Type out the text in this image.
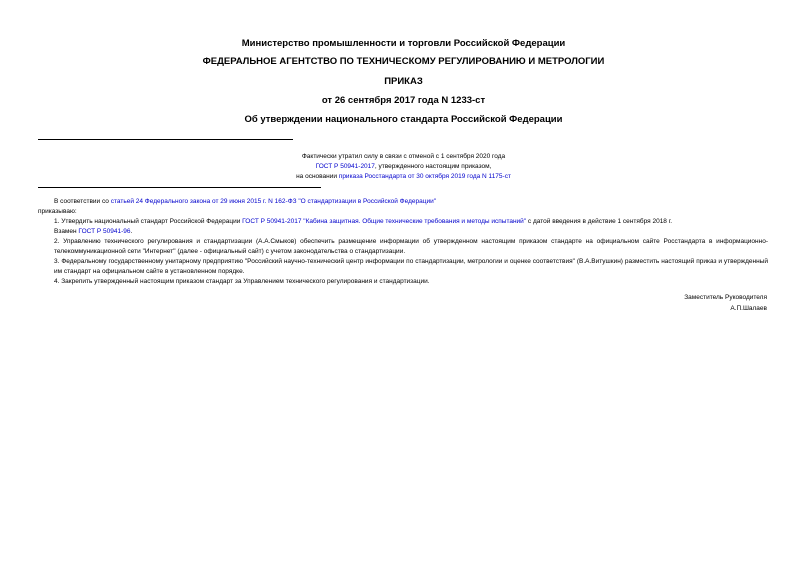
Министерство промышленности и торговли Российской Федерации
ФЕДЕРАЛЬНОЕ АГЕНТСТВО ПО ТЕХНИЧЕСКОМУ РЕГУЛИРОВАНИЮ И МЕТРОЛОГИИ
ПРИКАЗ
от 26 сентября 2017 года N 1233-ст
Об утверждении национального стандарта Российской Федерации
Фактически утратил силу в связи с отменой с 1 сентября 2020 года
ГОСТ Р 50941-2017, утвержденного настоящим приказом,
на основании приказа Росстандарта от 30 октября 2019 года N 1175-ст
В соответствии со статьей 24 Федерального закона от 29 июня 2015 г. N 162-ФЗ "О стандартизации в Российской Федерации"
приказываю:
1. Утвердить национальный стандарт Российской Федерации ГОСТ Р 50941-2017 "Кабина защитная. Общие технические требования и методы испытаний" с датой введения в действие 1 сентября 2018 г.
Взамен ГОСТ Р 50941-96.
2. Управлению технического регулирования и стандартизации (А.А.Смыков) обеспечить размещение информации об утвержденном настоящим приказом стандарте на официальном сайте Росстандарта в информационно-телекоммуникационной сети "Интернет" (далее - официальный сайт) с учетом законодательства о стандартизации.
3. Федеральному государственному унитарному предприятию "Российский научно-технический центр информации по стандартизации, метрологии и оценке соответствия" (В.А.Витушкин) разместить настоящий приказ и утвержденный им стандарт на официальном сайте в установленном порядке.
4. Закрепить утвержденный настоящим приказом стандарт за Управлением технического регулирования и стандартизации.
Заместитель Руководителя
А.П.Шалаев
